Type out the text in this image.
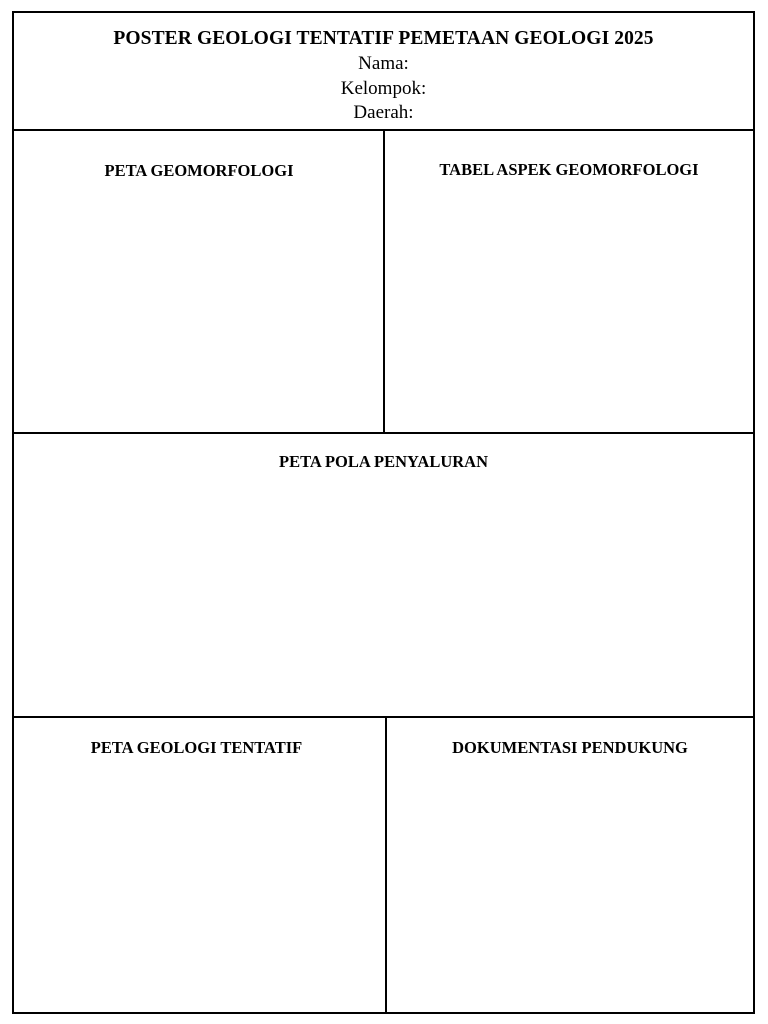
POSTER GEOLOGI TENTATIF PEMETAAN GEOLOGI 2025
Nama:
Kelompok:
Daerah:
PETA GEOMORFOLOGI	TABEL ASPEK GEOMORFOLOGI
PETA POLA PENYALURAN
PETA GEOLOGI TENTATIF	DOKUMENTASI PENDUKUNG
